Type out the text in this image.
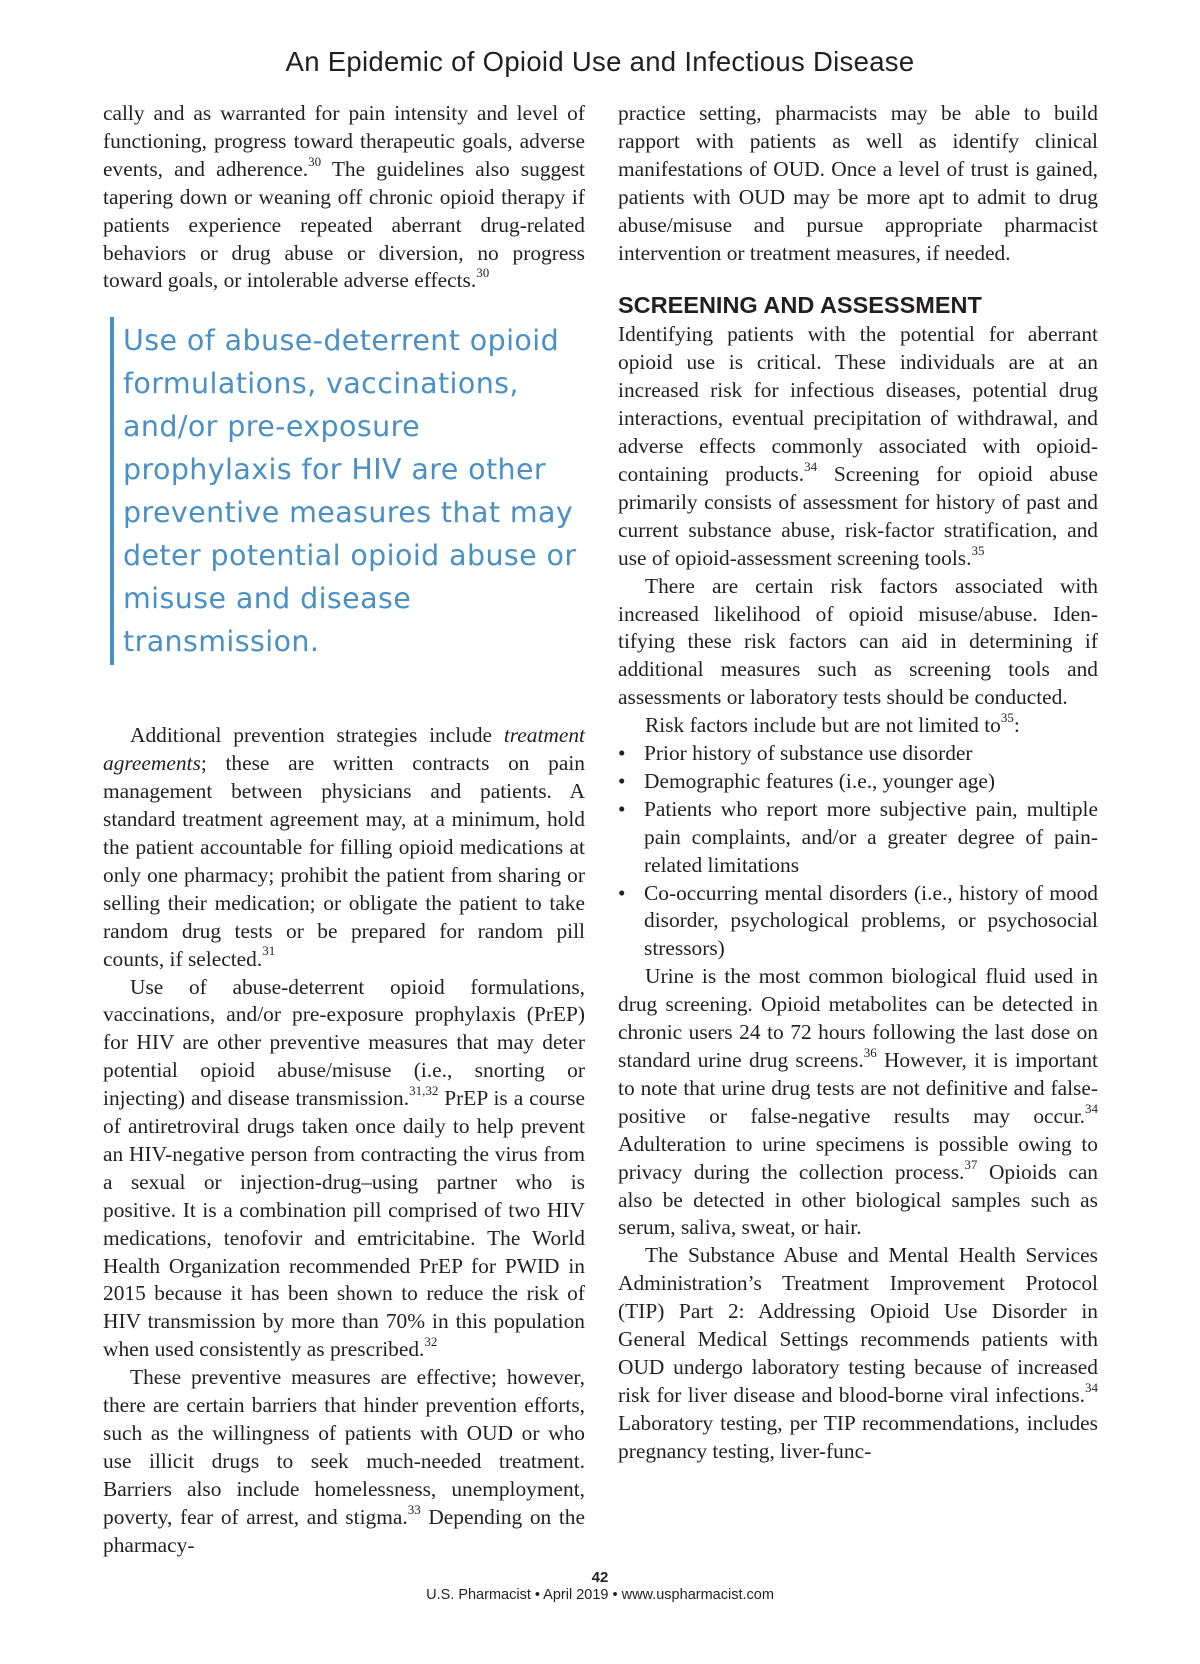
An Epidemic of Opioid Use and Infectious Disease

cally and as warranted for pain intensity and level of functioning, progress toward therapeutic goals, adverse events, and adherence.$^{30}$ The guidelines also suggest tapering down or weaning off chronic opioid therapy if patients experience repeated aberrant drug-related behaviors or drug abuse or diversion, no progress toward goals, or intolerable adverse effects.$^{30}$

Use of abuse-deterrent opioid formulations, vaccinations, and/or pre-exposure prophylaxis for HIV are other preventive measures that may deter potential opioid abuse or misuse and disease transmission.

Additional prevention strategies include treatment agreements; these are written contracts on pain management between physicians and patients. A standard treatment agreement may, at a minimum, hold the patient accountable for filling opioid medications at only one pharmacy; prohibit the patient from sharing or selling their medication; or obligate the patient to take random drug tests or be prepared for random pill counts, if selected.$^{31}$

Use of abuse-deterrent opioid formulations, vaccinations, and/or pre-exposure prophylaxis (PrEP) for HIV are other preventive measures that may deter potential opioid abuse/misuse (i.e., snorting or injecting) and disease transmission.$^{31,32}$ PrEP is a course of antiretroviral drugs taken once daily to help prevent an HIV-negative person from contracting the virus from a sexual or injection-drug–using partner who is positive. It is a combination pill comprised of two HIV medications, tenofovir and emtricitabine. The World Health Organization recommended PrEP for PWID in 2015 because it has been shown to reduce the risk of HIV transmission by more than 70% in this population when used consistently as prescribed.$^{32}$

These preventive measures are effective; however, there are certain barriers that hinder prevention efforts, such as the willingness of patients with OUD or who use illicit drugs to seek much-needed treatment. Barriers also include homelessness, unemployment, poverty, fear of arrest, and stigma.$^{33}$ Depending on the pharmacy-

practice setting, pharmacists may be able to build rapport with patients as well as identify clinical manifestations of OUD. Once a level of trust is gained, patients with OUD may be more apt to admit to drug abuse/misuse and pursue appropriate pharmacist intervention or treatment measures, if needed.

SCREENING AND ASSESSMENT

Identifying patients with the potential for aberrant opioid use is critical. These individuals are at an increased risk for infectious diseases, potential drug interactions, eventual precipitation of withdrawal, and adverse effects commonly associated with opioid-containing products.$^{34}$ Screening for opioid abuse primarily consists of assessment for history of past and current substance abuse, risk-factor stratification, and use of opioid-assessment screening tools.$^{35}$

There are certain risk factors associated with increased likelihood of opioid misuse/abuse. Identifying these risk factors can aid in determining if additional measures such as screening tools and assessments or laboratory tests should be conducted.

Risk factors include but are not limited $to^{35}$:

• Prior history of substance use disorder
• Demographic features (i.e., younger age)
• Patients who report more subjective pain, multiple pain complaints, and/or a greater degree of pain-related limitations
• Co-occurring mental disorders (i.e., history of mood disorder, psychological problems, or psychosocial stressors)

Urine is the most common biological fluid used in drug screening. Opioid metabolites can be detected in chronic users 24 to 72 hours following the last dose on standard urine drug screens.$^{36}$ However, it is important to note that urine drug tests are not definitive and false-positive or false-negative results may occur.$^{34}$ Adulteration to urine specimens is possible owing to privacy during the collection process.$^{37}$ Opioids can also be detected in other biological samples such as serum, saliva, sweat, or hair.

The Substance Abuse and Mental Health Services Administration’s Treatment Improvement Protocol (TIP) Part 2: Addressing Opioid Use Disorder in General Medical Settings recommends patients with OUD undergo laboratory testing because of increased risk for liver disease and blood-borne viral infections.$^{34}$ Laboratory testing, per TIP recommendations, includes pregnancy testing, liver-func-

42
U.S. Pharmacist • April 2019 • www.uspharmacist.com
